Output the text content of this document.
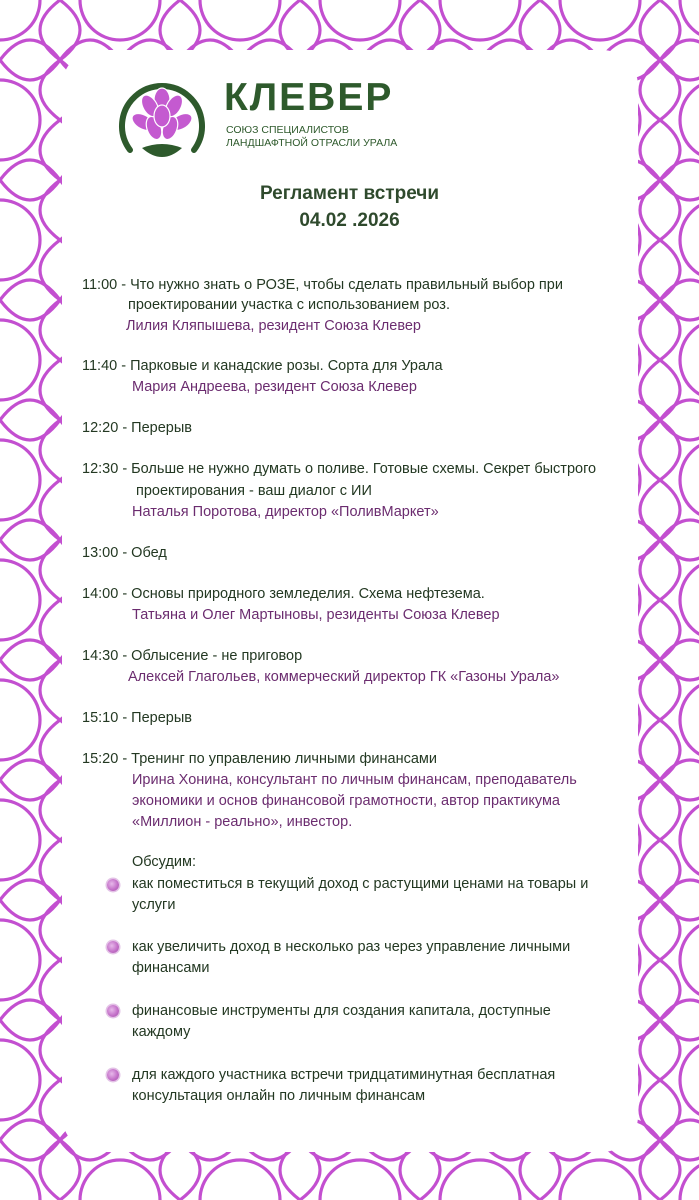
КЛЕВЕР
СОЮЗ СПЕЦИАЛИСТОВ
ЛАНДШАФТНОЙ ОТРАСЛИ УРАЛА
Регламент встречи
04.02 .2026
11:00 - Что нужно знать о РОЗЕ, чтобы сделать правильный выбор при
проектировании участка с использованием роз.
Лилия Кляпышева, резидент Союза Клевер
11:40 - Парковые и канадские розы. Сорта для Урала
Мария Андреева, резидент Союза Клевер
12:20 - Перерыв
12:30 - Больше не нужно думать о поливе. Готовые схемы. Секрет быстрого
проектирования - ваш диалог с ИИ
Наталья Поротова, директор «ПоливМаркет»
13:00 - Обед
14:00 - Основы природного земледелия. Схема нефтезема.
Татьяна и Олег Мартыновы, резиденты Союза Клевер
14:30 - Облысение - не приговор
Алексей Глагольев, коммерческий директор ГК «Газоны Урала»
15:10 - Перерыв
15:20 - Тренинг по управлению личными финансами
Ирина Хонина, консультант по личным финансам, преподаватель
экономики и основ финансовой грамотности, автор практикума
«Миллион - реально», инвестор.
Обсудим:
как поместиться в текущий доход с растущими ценами на товары и
услуги
как увеличить доход в несколько раз через управление личными
финансами
финансовые инструменты для создания капитала, доступные
каждому
для каждого участника встречи тридцатиминутная бесплатная
консультация онлайн по личным финансам
